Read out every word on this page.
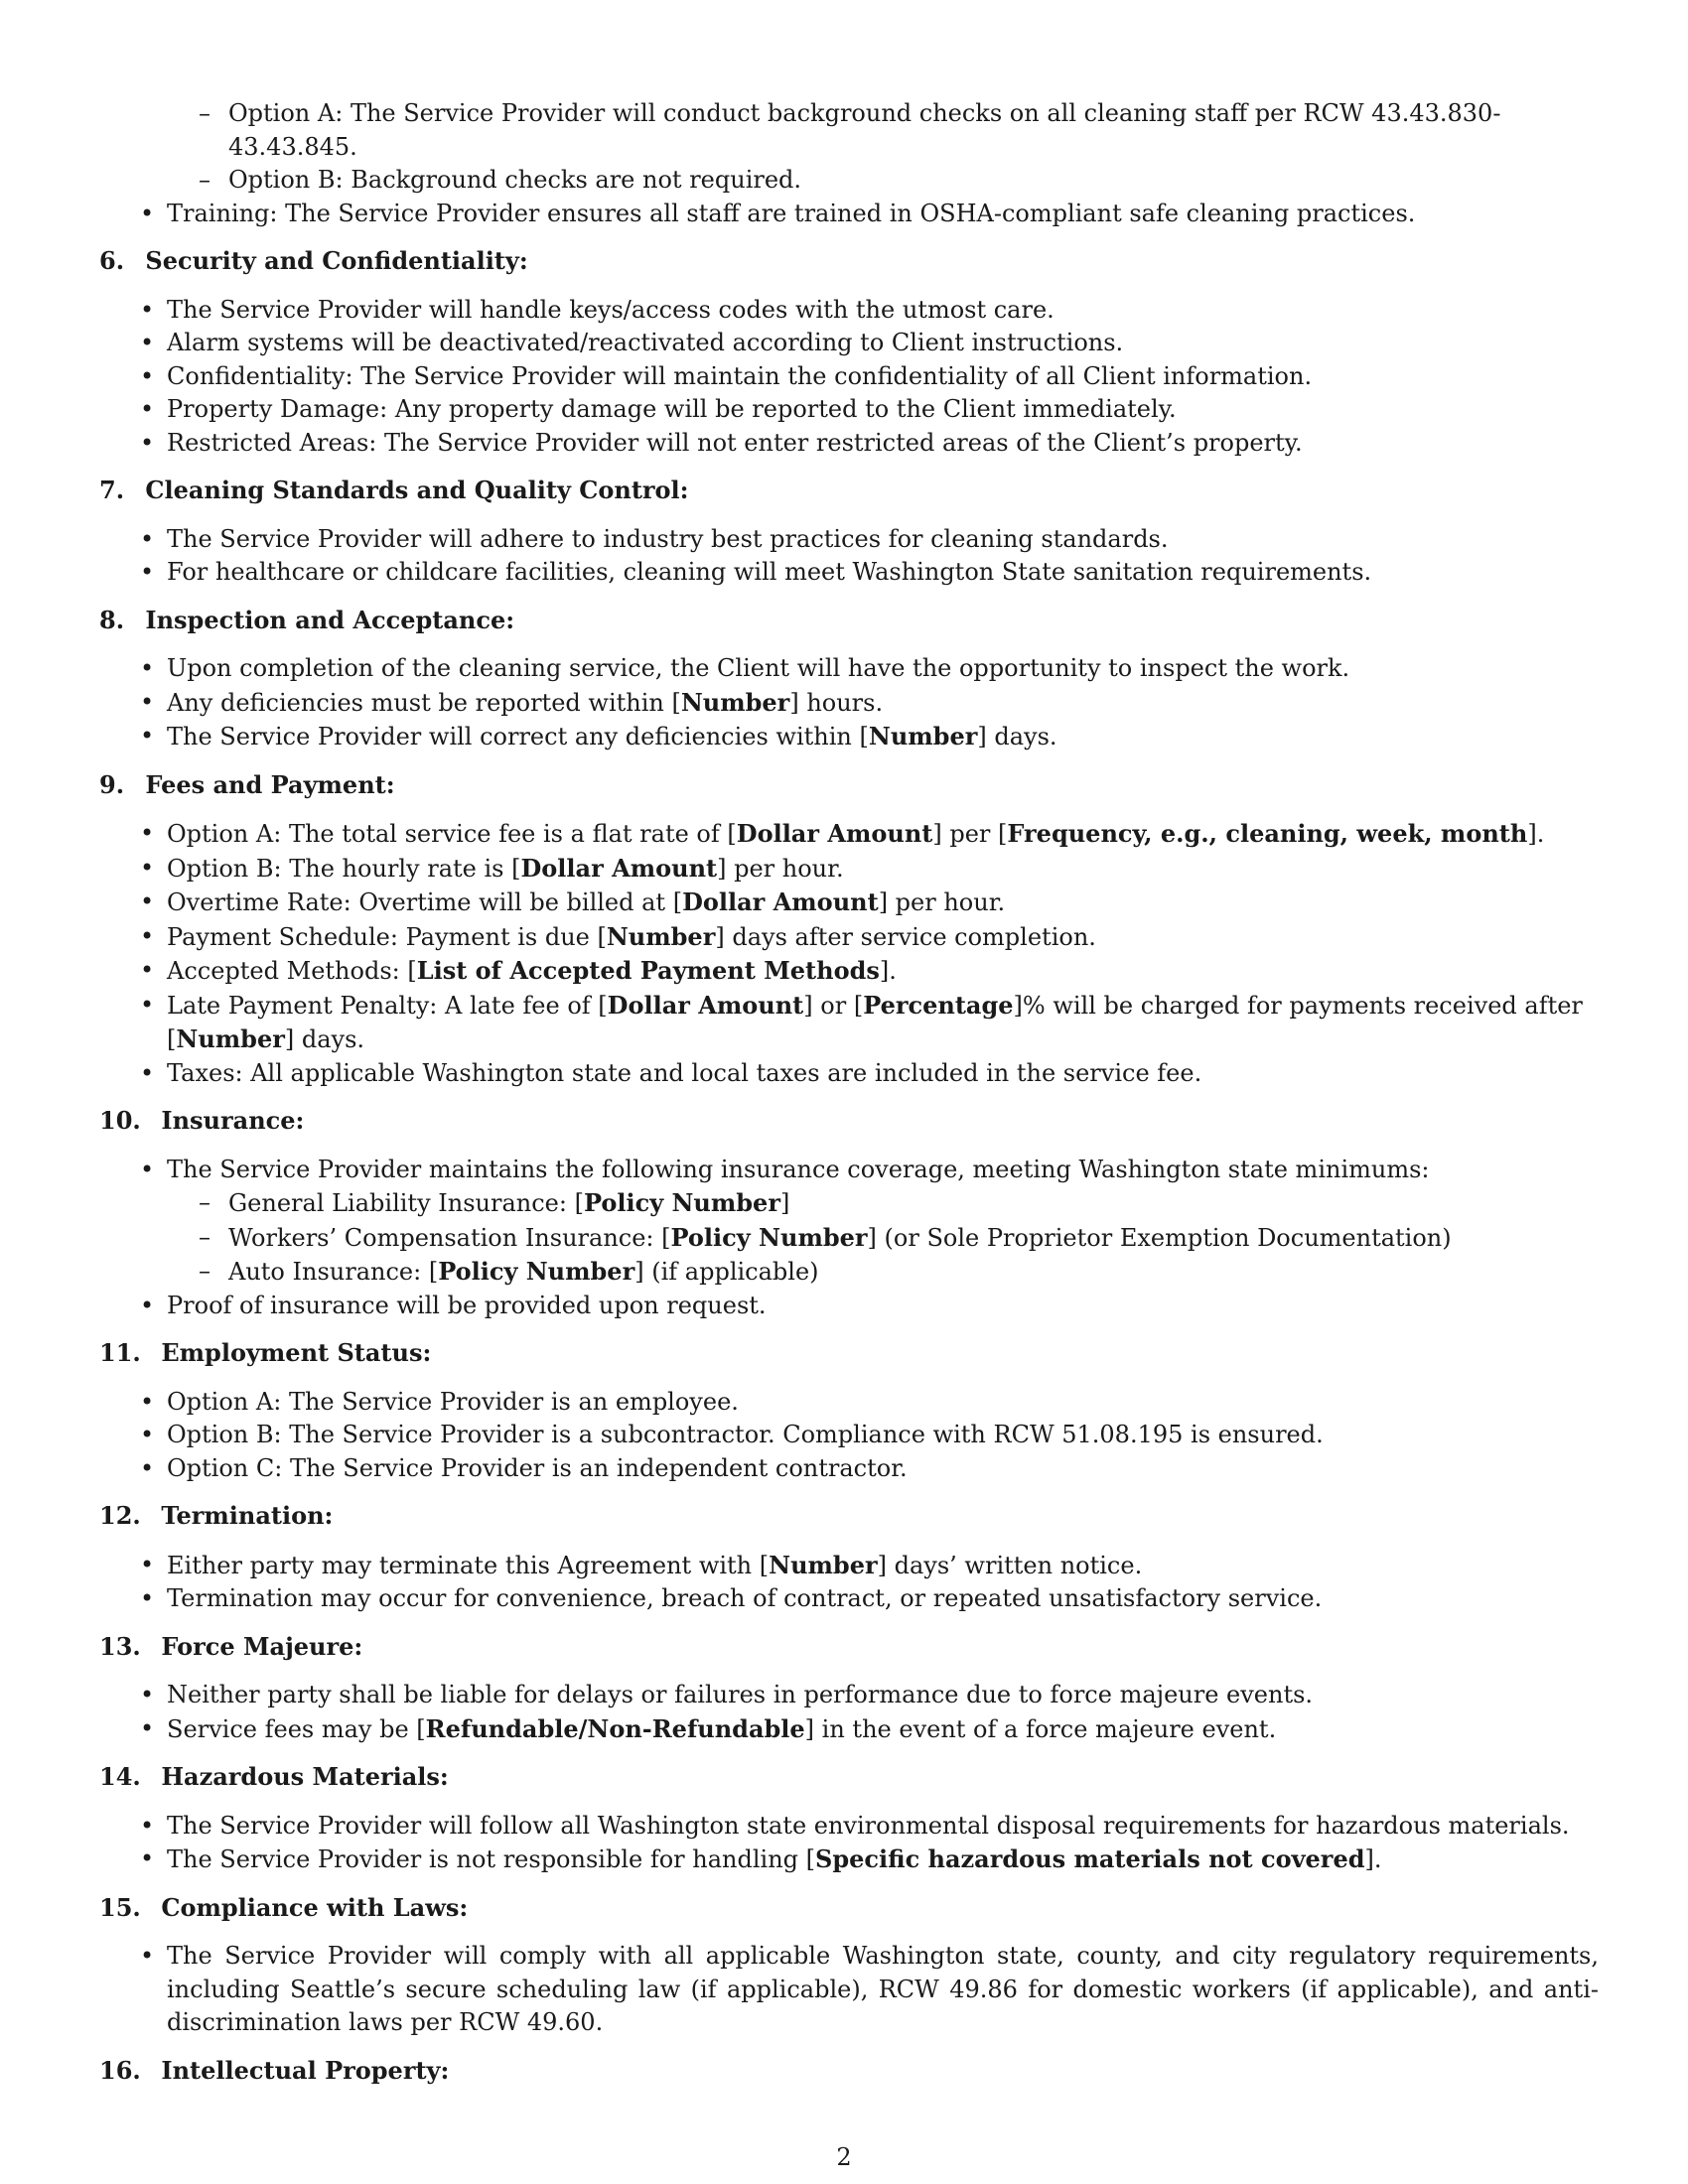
– Option A: The Service Provider will conduct background checks on all cleaning staff per RCW 43.43.830-43.43.845.
– Option B: Background checks are not required.
• Training: The Service Provider ensures all staff are trained in OSHA-compliant safe cleaning practices.
6. Security and Confidentiality:
• The Service Provider will handle keys/access codes with the utmost care.
• Alarm systems will be deactivated/reactivated according to Client instructions.
• Confidentiality: The Service Provider will maintain the confidentiality of all Client information.
• Property Damage: Any property damage will be reported to the Client immediately.
• Restricted Areas: The Service Provider will not enter restricted areas of the Client’s property.
7. Cleaning Standards and Quality Control:
• The Service Provider will adhere to industry best practices for cleaning standards.
• For healthcare or childcare facilities, cleaning will meet Washington State sanitation requirements.
8. Inspection and Acceptance:
• Upon completion of the cleaning service, the Client will have the opportunity to inspect the work.
• Any deficiencies must be reported within [Number] hours.
• The Service Provider will correct any deficiencies within [Number] days.
9. Fees and Payment:
• Option A: The total service fee is a flat rate of [Dollar Amount] per [Frequency, e.g., cleaning, week, month].
• Option B: The hourly rate is [Dollar Amount] per hour.
• Overtime Rate: Overtime will be billed at [Dollar Amount] per hour.
• Payment Schedule: Payment is due [Number] days after service completion.
• Accepted Methods: [List of Accepted Payment Methods].
• Late Payment Penalty: A late fee of [Dollar Amount] or [Percentage]% will be charged for payments received after [Number] days.
• Taxes: All applicable Washington state and local taxes are included in the service fee.
10. Insurance:
• The Service Provider maintains the following insurance coverage, meeting Washington state minimums:
– General Liability Insurance: [Policy Number]
– Workers’ Compensation Insurance: [Policy Number] (or Sole Proprietor Exemption Documentation)
– Auto Insurance: [Policy Number] (if applicable)
• Proof of insurance will be provided upon request.
11. Employment Status:
• Option A: The Service Provider is an employee.
• Option B: The Service Provider is a subcontractor. Compliance with RCW 51.08.195 is ensured.
• Option C: The Service Provider is an independent contractor.
12. Termination:
• Either party may terminate this Agreement with [Number] days’ written notice.
• Termination may occur for convenience, breach of contract, or repeated unsatisfactory service.
13. Force Majeure:
• Neither party shall be liable for delays or failures in performance due to force majeure events.
• Service fees may be [Refundable/Non-Refundable] in the event of a force majeure event.
14. Hazardous Materials:
• The Service Provider will follow all Washington state environmental disposal requirements for hazardous materials.
• The Service Provider is not responsible for handling [Specific hazardous materials not covered].
15. Compliance with Laws:
• The Service Provider will comply with all applicable Washington state, county, and city regulatory requirements, including Seattle’s secure scheduling law (if applicable), RCW 49.86 for domestic workers (if applicable), and anti-discrimination laws per RCW 49.60.
16. Intellectual Property:
2
